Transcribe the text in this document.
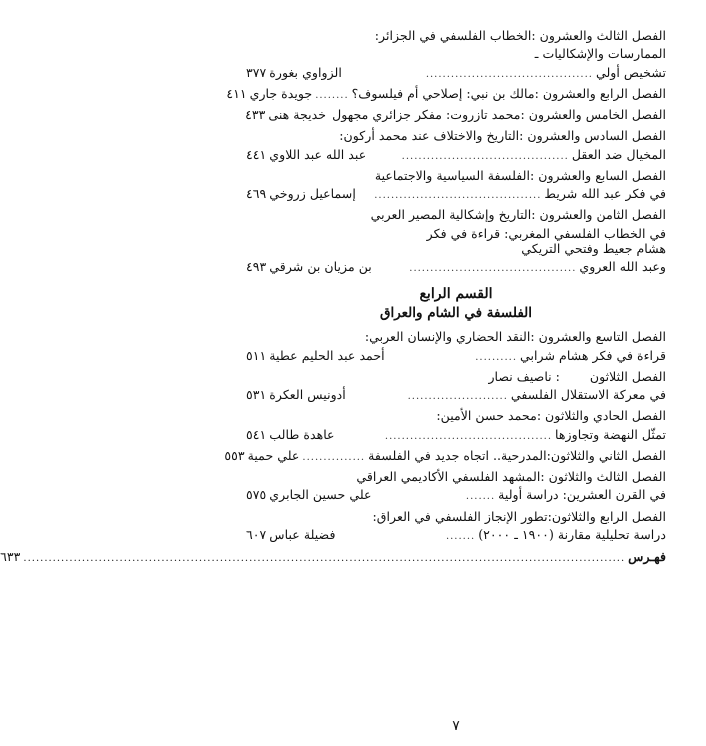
الفصل الثالث والعشرون :
الخطاب الفلسفي في الجزائر:
الممارسات والإشكاليات ـ
تشخيص أولي
........................................
الزواوي بغورة
٣٧٧
الفصل الرابع والعشرون :
مالك بن نبي: إصلاحي أم فيلسوف؟
........
جويدة جاري
٤١١
الفصل الخامس والعشرون :
محمد تازروت: مفكر جزائري مجهول
خديجة هنى
٤٣٣
الفصل السادس والعشرون :
التاريخ والاختلاف عند محمد أركون:
المخيال ضد العقل
........................................
عبد الله عبد اللاوي
٤٤١
الفصل السابع والعشرون :
الفلسفة السياسية والاجتماعية
في فكر عبد الله شريط
........................................
إسماعيل زروخي
٤٦٩
الفصل الثامن والعشرون :
التاريخ وإشكالية المصير العربي
في الخطاب الفلسفي المغربي: قراءة في فكر
هشام جعيط وفتحي التريكي
وعبد الله العروي
........................................
بن مزيان بن شرقي
٤٩٣
القسم الرابع
الفلسفة في الشام والعراق
الفصل التاسع والعشرون :
النقد الحضاري والإنسان العربي:
قراءة في فكر هشام شرابي
..........
أحمد عبد الحليم عطية
٥١١
الفصل الثلاثون
: ناصيف نصار
في معركة الاستقلال الفلسفي
........................
أدونيس العكرة
٥٣١
الفصل الحادي والثلاثون :
محمد حسن الأمين:
تمثّل النهضة وتجاوزها
........................................
عاهدة طالب
٥٤١
الفصل الثاني والثلاثون:
المدرحية.. اتجاه جديد في الفلسفة
...............
علي حمية
٥٥٣
الفصل الثالث والثلاثون :
المشهد الفلسفي الأكاديمي العراقي
في القرن العشرين: دراسة أولية
.......
علي حسين الجابري
٥٧٥
الفصل الرابع والثلاثون:
تطور الإنجاز الفلسفي في العراق:
دراسة تحليلية مقارنة (١٩٠٠ ـ ٢٠٠٠)
.......
فضيلة عباس
٦٠٧
فهـرس
................................................................................................................................................
٦٣٣
٧
